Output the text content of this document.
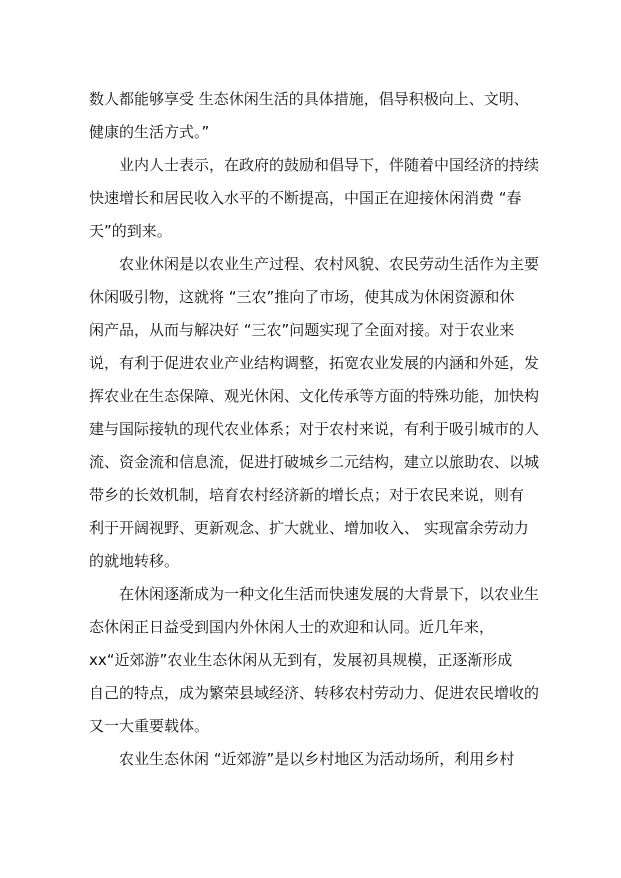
数人都能够享受 生态休闲生活的具体措施，倡导积极向上、文明、
健康的生活方式。”
业内人士表示，在政府的鼓励和倡导下，伴随着中国经济的持续
快速增长和居民收入水平的不断提高，中国正在迎接休闲消费 “春
天”的到来。
农业休闲是以农业生产过程、农村风貌、农民劳动生活作为主要
休闲吸引物，这就将 “三农”推向了市场，使其成为休闲资源和休
闲产品，从而与解决好 “三农”问题实现了全面对接。对于农业来
说，有利于促进农业产业结构调整，拓宽农业发展的内涵和外延，发
挥农业在生态保障、观光休闲、文化传承等方面的特殊功能，加快构
建与国际接轨的现代农业体系；对于农村来说，有利于吸引城市的人
流、资金流和信息流，促进打破城乡二元结构，建立以旅助农、以城
带乡的长效机制，培育农村经济新的增长点；对于农民来说，则有
利于开阔视野、更新观念、扩大就业、增加收入、 实现富余劳动力
的就地转移。
在休闲逐渐成为一种文化生活而快速发展的大背景下，以农业生
态休闲正日益受到国内外休闲人士的欢迎和认同。近几年来，
xx“近郊游”农业生态休闲从无到有，发展初具规模，正逐渐形成
自己的特点，成为繁荣县域经济、转移农村劳动力、促进农民增收的
又一大重要载体。
农业生态休闲 “近郊游”是以乡村地区为活动场所，利用乡村
